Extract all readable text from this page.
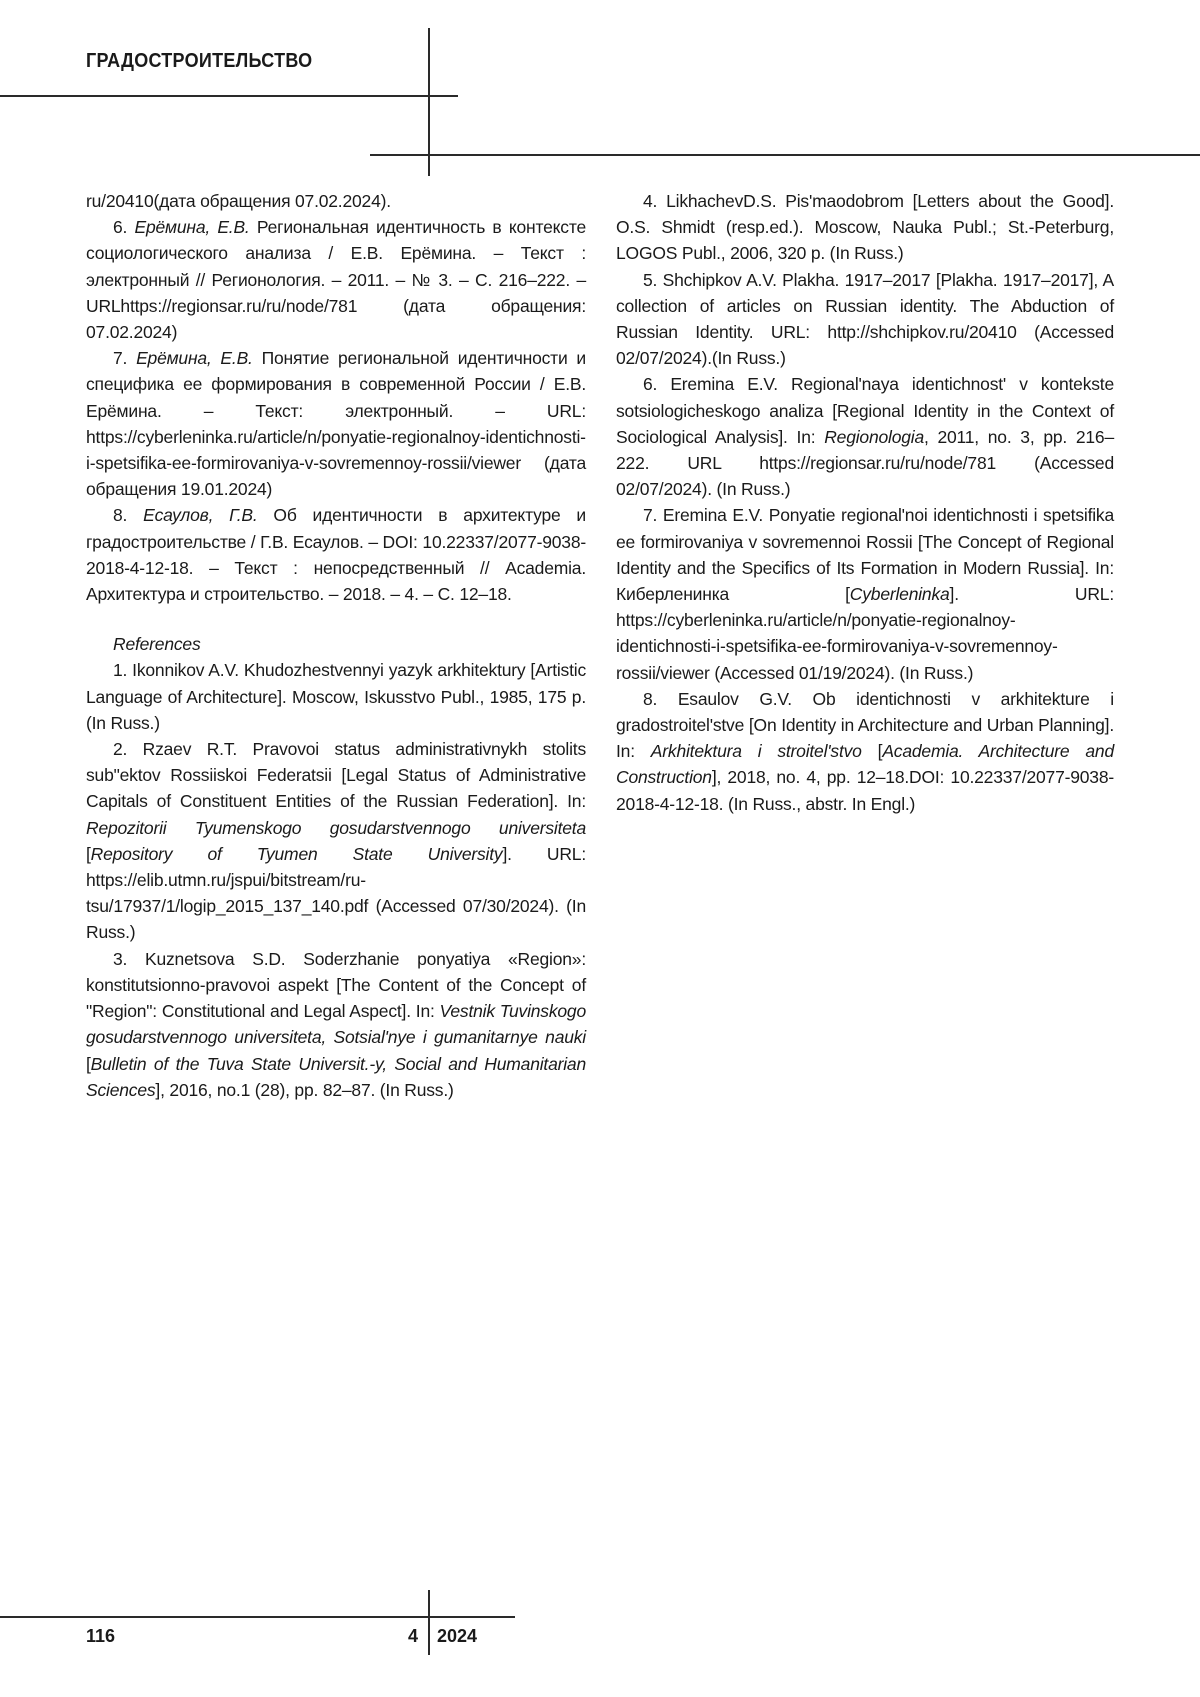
ГРАДОСТРОИТЕЛЬСТВО

ru/20410(дата обращения 07.02.2024).

6. Ерёмина, Е.В. Региональная идентичность в контексте социологического анализа / Е.В. Ерёмина. – Текст : электронный // Регионология. – 2011. – № 3. – С. 216–222. –URLhttps://regionsar.ru/ru/node/781 (дата обращения: 07.02.2024)

7. Ерёмина, Е.В. Понятие региональной идентичности и специфика ее формирования в современной России / Е.В. Ерёмина. – Текст: электронный. – URL: https://cyberleninka.ru/article/n/ponyatie-regionalnoy-identichnosti-i-spetsifika-ee-formirovaniya-v-sovremennoy-rossii/viewer (дата обращения 19.01.2024)

8. Есаулов, Г.В. Об идентичности в архитектуре и градостроительстве / Г.В. Есаулов. – DOI: 10.22337/2077-9038-2018-4-12-18. – Текст : непосредственный // Academia. Архитектура и строительство. – 2018. – 4. – С. 12–18.

References

1. Ikonnikov A.V. Khudozhestvennyi yazyk arkhitektury [Artistic Language of Architecture]. Moscow, Iskusstvo Publ., 1985, 175 p. (In Russ.)

2. Rzaev R.T. Pravovoi status administrativnykh stolits sub"ektov Rossiiskoi Federatsii [Legal Status of Administrative Capitals of Constituent Entities of the Russian Federation]. In: Repozitorii Tyumenskogo gosudarstvennogo universiteta [Repository of Tyumen State University]. URL: https://elib.utmn.ru/jspui/bitstream/ru-tsu/17937/1/logip_2015_137_140.pdf (Accessed 07/30/2024). (In Russ.)

3. Kuznetsova S.D. Soderzhanie ponyatiya «Region»: konstitutsionno-pravovoi aspekt [The Content of the Concept of "Region": Constitutional and Legal Aspect]. In: Vestnik Tuvinskogo gosudarstvennogo universiteta, Sotsial'nye i gumanitarnye nauki [Bulletin of the Tuva State Universit.-y, Social and Humanitarian Sciences], 2016, no.1 (28), pp. 82–87. (In Russ.)

4. LikhachevD.S. Pis'maodobrom [Letters about the Good]. O.S. Shmidt (resp.ed.). Moscow, Nauka Publ.; St.-Peterburg, LOGOS Publ., 2006, 320 p. (In Russ.)

5. Shchipkov A.V. Plakha. 1917–2017 [Plakha. 1917–2017], A collection of articles on Russian identity. The Abduction of Russian Identity. URL: http://shchipkov.ru/20410 (Accessed 02/07/2024).(In Russ.)

6. Eremina E.V. Regional'naya identichnost' v kontekste sotsiologicheskogo analiza [Regional Identity in the Context of Sociological Analysis]. In: Regionologia, 2011, no. 3, pp. 216–222. URL https://regionsar.ru/ru/node/781 (Accessed 02/07/2024). (In Russ.)

7. Eremina E.V. Ponyatie regional'noi identichnosti i spetsifika ee formirovaniya v sovremennoi Rossii [The Concept of Regional Identity and the Specifics of Its Formation in Modern Russia]. In: Киберленинка [Cyberleninka]. URL: https://cyberleninka.ru/article/n/ponyatie-regionalnoy-identichnosti-i-spetsifika-ee-formirovaniya-v-sovremennoy-rossii/viewer (Accessed 01/19/2024). (In Russ.)

8. Esaulov G.V. Ob identichnosti v arkhitekture i gradostroitel'stve [On Identity in Architecture and Urban Planning]. In: Arkhitektura i stroitel'stvo [Academia. Architecture and Construction], 2018, no. 4, pp. 12–18.DOI: 10.22337/2077-9038-2018-4-12-18. (In Russ., abstr. In Engl.)

116	4 2024
